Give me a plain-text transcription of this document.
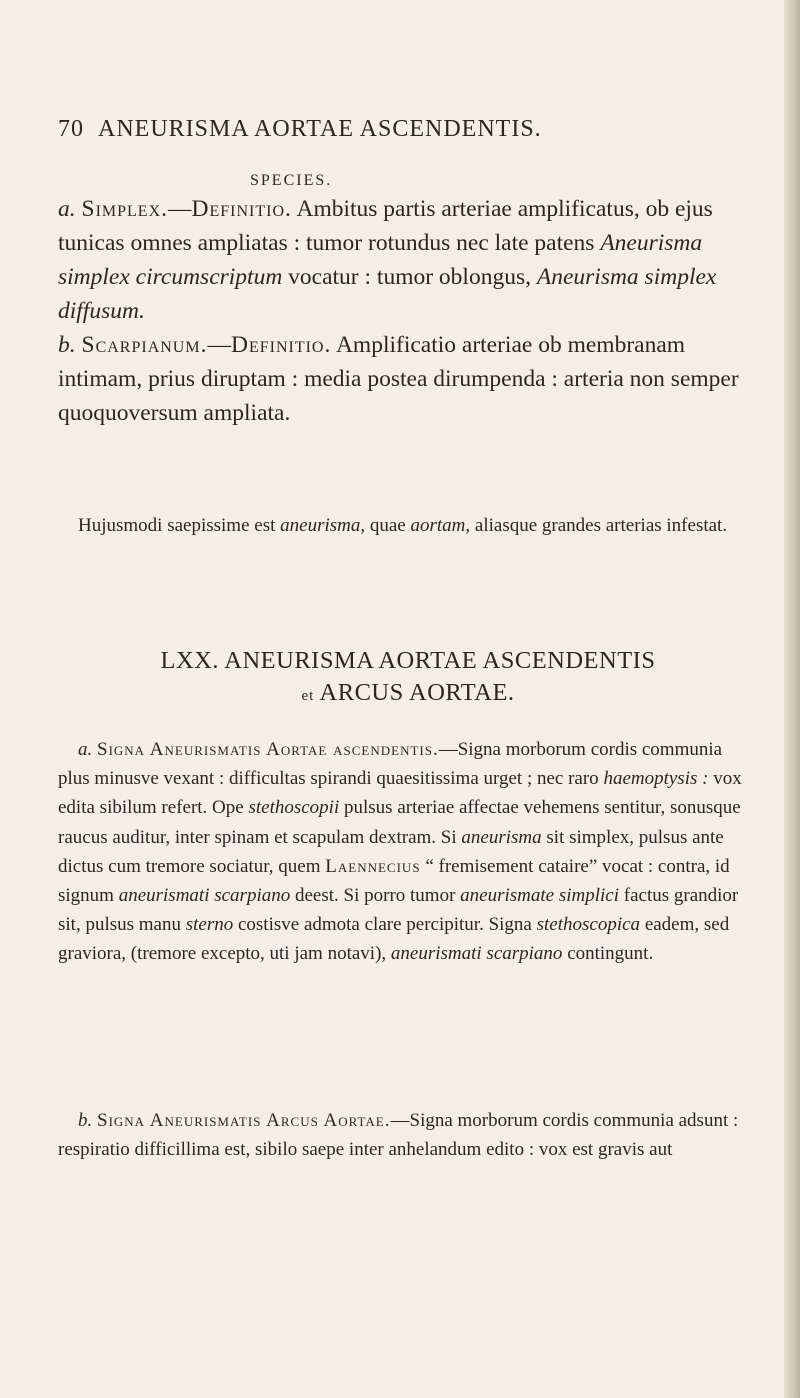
70 ANEURISMA AORTAE ASCENDENTIS.
SPECIES.

a. Simplex.—Definitio. Ambitus partis arteriae amplificatus, ob ejus tunicas omnes ampliatas : tumor rotundus nec late patens Aneurisma simplex circumscriptum vocatur : tumor oblongus, Aneurisma simplex diffusum.

b. Scarpianum.—Definitio. Amplificatio arteriae ob membranam intimam, prius diruptam : media postea dirumpenda : arteria non semper quoquoversum ampliata.

Hujusmodi saepissime est aneurisma, quae aortam, aliasque grandes arterias infestat.

LXX. ANEURISMA AORTAE ASCENDENTIS
et ARCUS AORTAE.

a. Signa Aneurismatis Aortae ascendentis.—Signa morborum cordis communia plus minusve vexant : difficultas spirandi quaesitissima urget ; nec raro haemoptysis : vox edita sibilum refert. Ope stethoscopii pulsus arteriae affectae vehemens sentitur, sonusque raucus auditur, inter spinam et scapulam dextram. Si aneurisma sit simplex, pulsus ante dictus cum tremore sociatur, quem Laennecius “ fremisement cataire” vocat : contra, id signum aneurismati scarpiano deest. Si porro tumor aneurismate simplici factus grandior sit, pulsus manu sterno costisve admota clare percipitur. Signa stethoscopica eadem, sed graviora, (tremore excepto, uti jam notavi), aneurismati scarpiano contingunt.

b. Signa Aneurismatis Arcus Aortae.—Signa morborum cordis communia adsunt : respiratio difficillima est, sibilo saepe inter anhelandum edito : vox est gravis aut
